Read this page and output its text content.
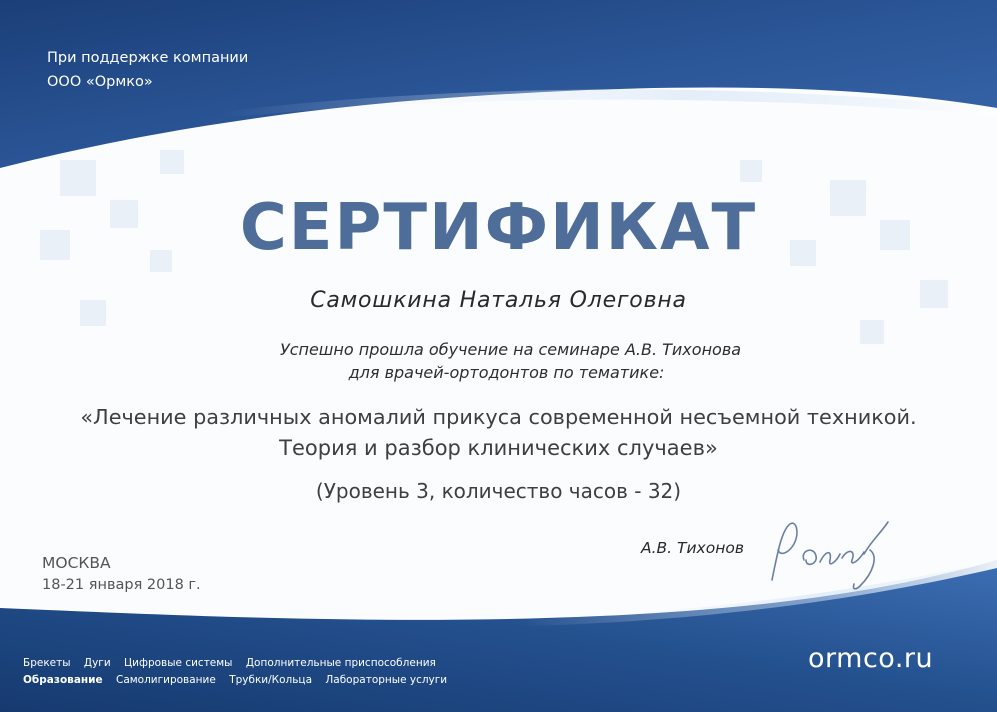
При поддержке компании

ООО «Ормко»

СЕРТИФИКАТ

Самошкина Наталья Олеговна

Успешно прошла обучение на семинаре А.В. Тихонова

для врачей-ортодонтов по тематике:

«Лечение различных аномалий прикуса современной несъемной техникой.

Теория и разбор клинических случаев»

(Уровень 3, количество часов - 32)

МОСКВА

18-21 января 2018 г.

А.В. Тихонов

Брекеты Дуги Цифровые системы Дополнительные приспособления
Образование Самолигирование Трубки/Кольца Лабораторные услуги

ormco.ru
